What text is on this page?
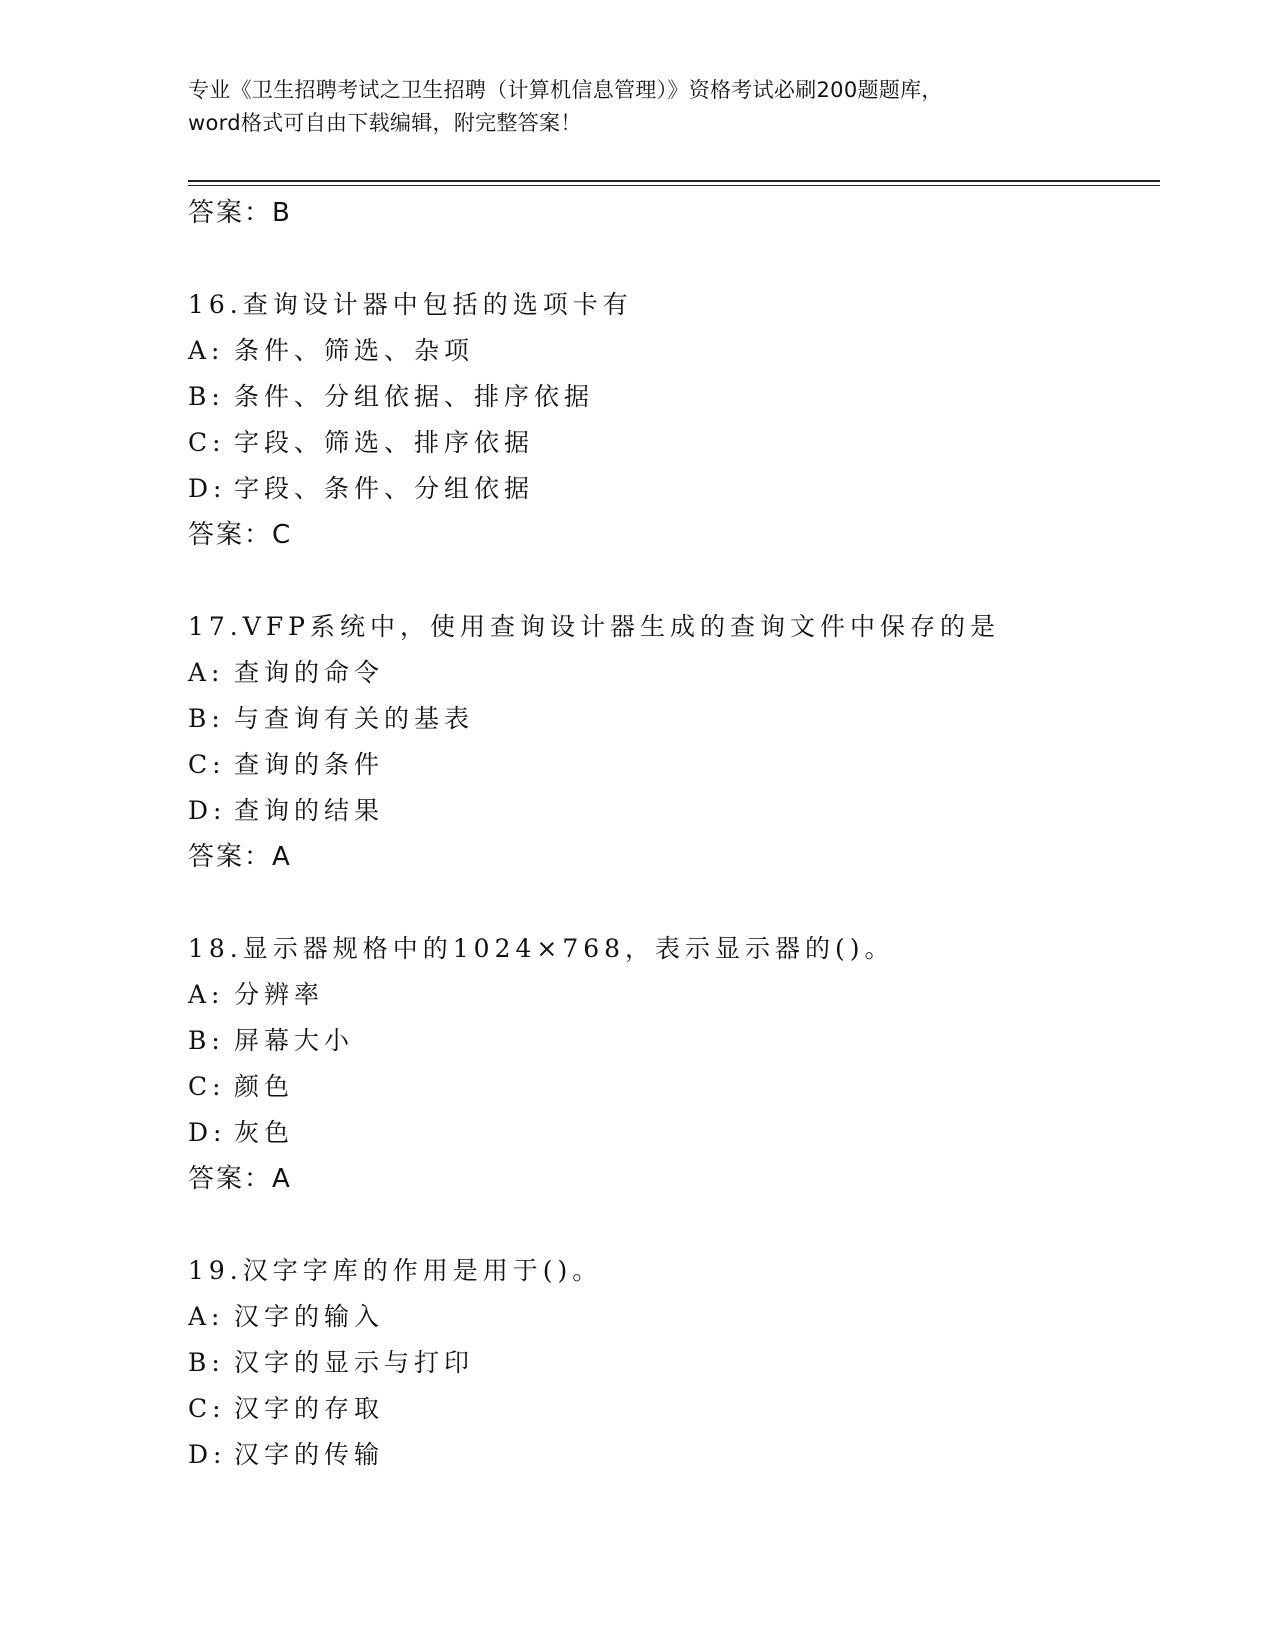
专业《卫生招聘考试之卫生招聘（计算机信息管理）》资格考试必刷200题题库，
word格式可自由下载编辑，附完整答案！
答案：B
16.查询设计器中包括的选项卡有
A: 条件、筛选、杂项
B: 条件、分组依据、排序依据
C: 字段、筛选、排序依据
D: 字段、条件、分组依据
答案：C
17.VFP系统中，使用查询设计器生成的查询文件中保存的是
A: 查询的命令
B: 与查询有关的基表
C: 查询的条件
D: 查询的结果
答案：A
18.显示器规格中的1024×768，表示显示器的()。
A: 分辨率
B: 屏幕大小
C: 颜色
D: 灰色
答案：A
19.汉字字库的作用是用于()。
A: 汉字的输入
B: 汉字的显示与打印
C: 汉字的存取
D: 汉字的传输
